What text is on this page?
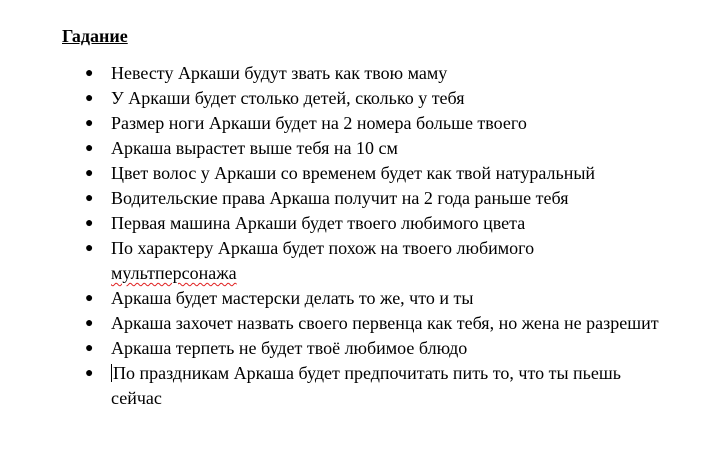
Гадание
● Невесту Аркаши будут звать как твою маму
● У Аркаши будет столько детей, сколько у тебя
● Размер ноги Аркаши будет на 2 номера больше твоего
● Аркаша вырастет выше тебя на 10 см
● Цвет волос у Аркаши со временем будет как твой натуральный
● Водительские права Аркаша получит на 2 года раньше тебя
● Первая машина Аркаши будет твоего любимого цвета
● По характеру Аркаша будет похож на твоего любимого
мультперсонажа
● Аркаша будет мастерски делать то же, что и ты
● Аркаша захочет назвать своего первенца как тебя, но жена не разрешит
● Аркаша терпеть не будет твоё любимое блюдо
● По праздникам Аркаша будет предпочитать пить то, что ты пьешь
сейчас
